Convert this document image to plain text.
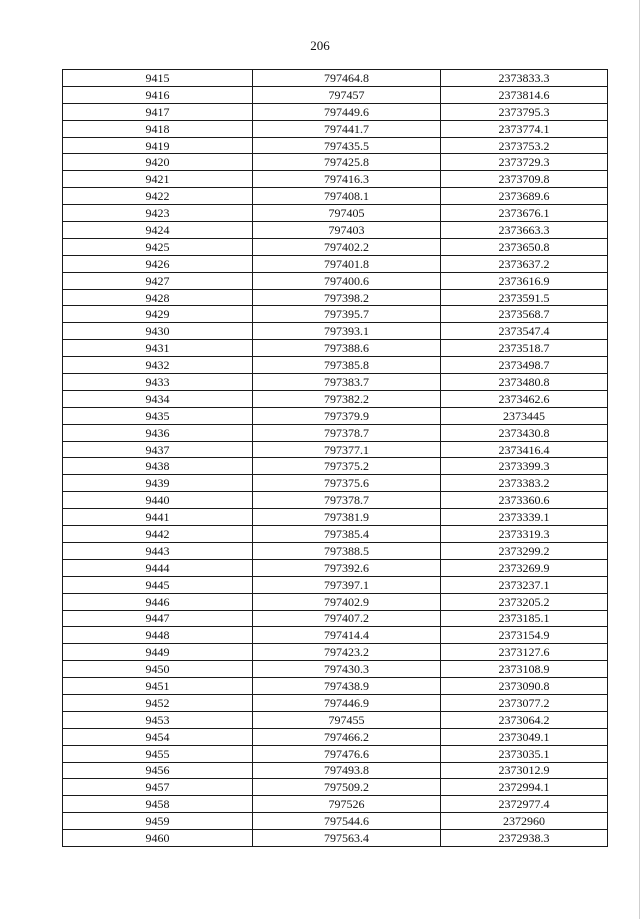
206
9415	797464.8	2373833.3
9416	797457	2373814.6
9417	797449.6	2373795.3
9418	797441.7	2373774.1
9419	797435.5	2373753.2
9420	797425.8	2373729.3
9421	797416.3	2373709.8
9422	797408.1	2373689.6
9423	797405	2373676.1
9424	797403	2373663.3
9425	797402.2	2373650.8
9426	797401.8	2373637.2
9427	797400.6	2373616.9
9428	797398.2	2373591.5
9429	797395.7	2373568.7
9430	797393.1	2373547.4
9431	797388.6	2373518.7
9432	797385.8	2373498.7
9433	797383.7	2373480.8
9434	797382.2	2373462.6
9435	797379.9	2373445
9436	797378.7	2373430.8
9437	797377.1	2373416.4
9438	797375.2	2373399.3
9439	797375.6	2373383.2
9440	797378.7	2373360.6
9441	797381.9	2373339.1
9442	797385.4	2373319.3
9443	797388.5	2373299.2
9444	797392.6	2373269.9
9445	797397.1	2373237.1
9446	797402.9	2373205.2
9447	797407.2	2373185.1
9448	797414.4	2373154.9
9449	797423.2	2373127.6
9450	797430.3	2373108.9
9451	797438.9	2373090.8
9452	797446.9	2373077.2
9453	797455	2373064.2
9454	797466.2	2373049.1
9455	797476.6	2373035.1
9456	797493.8	2373012.9
9457	797509.2	2372994.1
9458	797526	2372977.4
9459	797544.6	2372960
9460	797563.4	2372938.3
